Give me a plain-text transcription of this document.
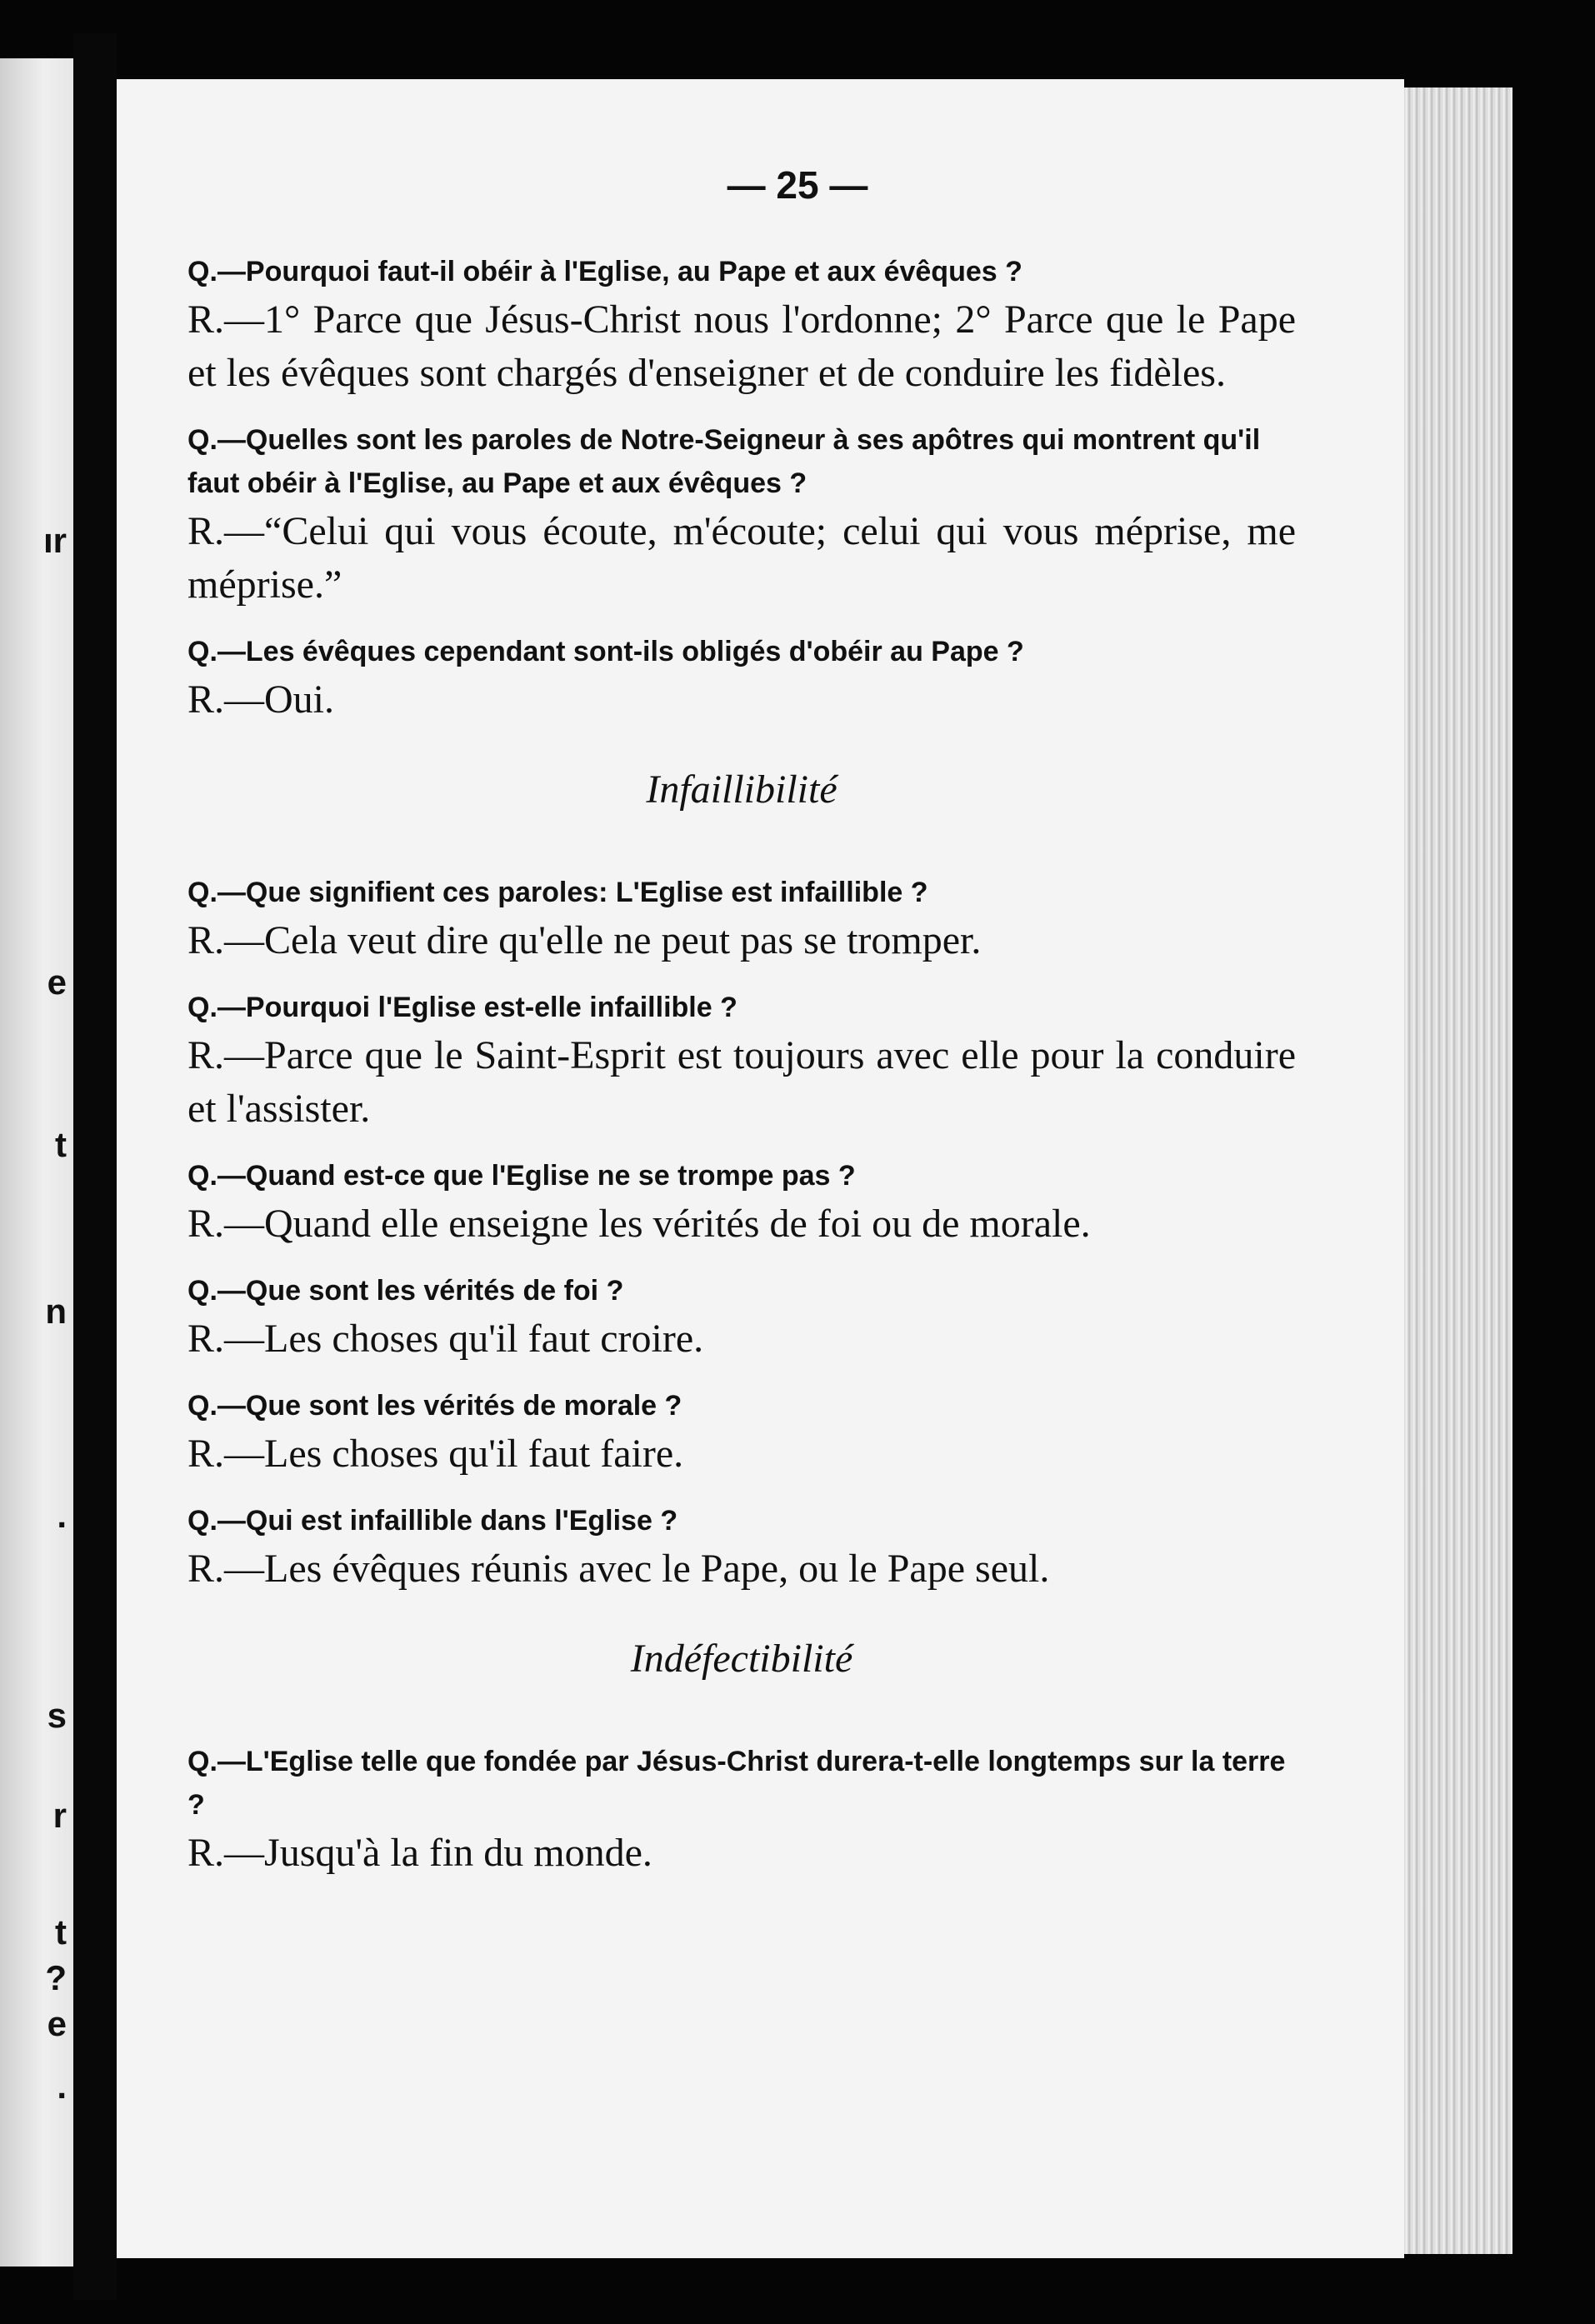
ır
e
t
n
.
s
r
t
?
e
.
— 25 —
Q.—Pourquoi faut-il obéir à l'Eglise, au Pape et aux évêques ?
R.—1° Parce que Jésus-Christ nous l'ordonne; 2° Parce que le Pape et les évêques sont chargés d'enseigner et de conduire les fidèles.
Q.—Quelles sont les paroles de Notre-Seigneur à ses apôtres qui montrent qu'il faut obéir à l'Eglise, au Pape et aux évêques ?
R.—“Celui qui vous écoute, m'écoute; celui qui vous méprise, me méprise.”
Q.—Les évêques cependant sont-ils obligés d'obéir au Pape ?
R.—Oui.
Infaillibilité
Q.—Que signifient ces paroles: L'Eglise est infaillible ?
R.—Cela veut dire qu'elle ne peut pas se tromper.
Q.—Pourquoi l'Eglise est-elle infaillible ?
R.—Parce que le Saint-Esprit est toujours avec elle pour la conduire et l'assister.
Q.—Quand est-ce que l'Eglise ne se trompe pas ?
R.—Quand elle enseigne les vérités de foi ou de morale.
Q.—Que sont les vérités de foi ?
R.—Les choses qu'il faut croire.
Q.—Que sont les vérités de morale ?
R.—Les choses qu'il faut faire.
Q.—Qui est infaillible dans l'Eglise ?
R.—Les évêques réunis avec le Pape, ou le Pape seul.
Indéfectibilité
Q.—L'Eglise telle que fondée par Jésus-Christ durera-t-elle longtemps sur la terre ?
R.—Jusqu'à la fin du monde.
